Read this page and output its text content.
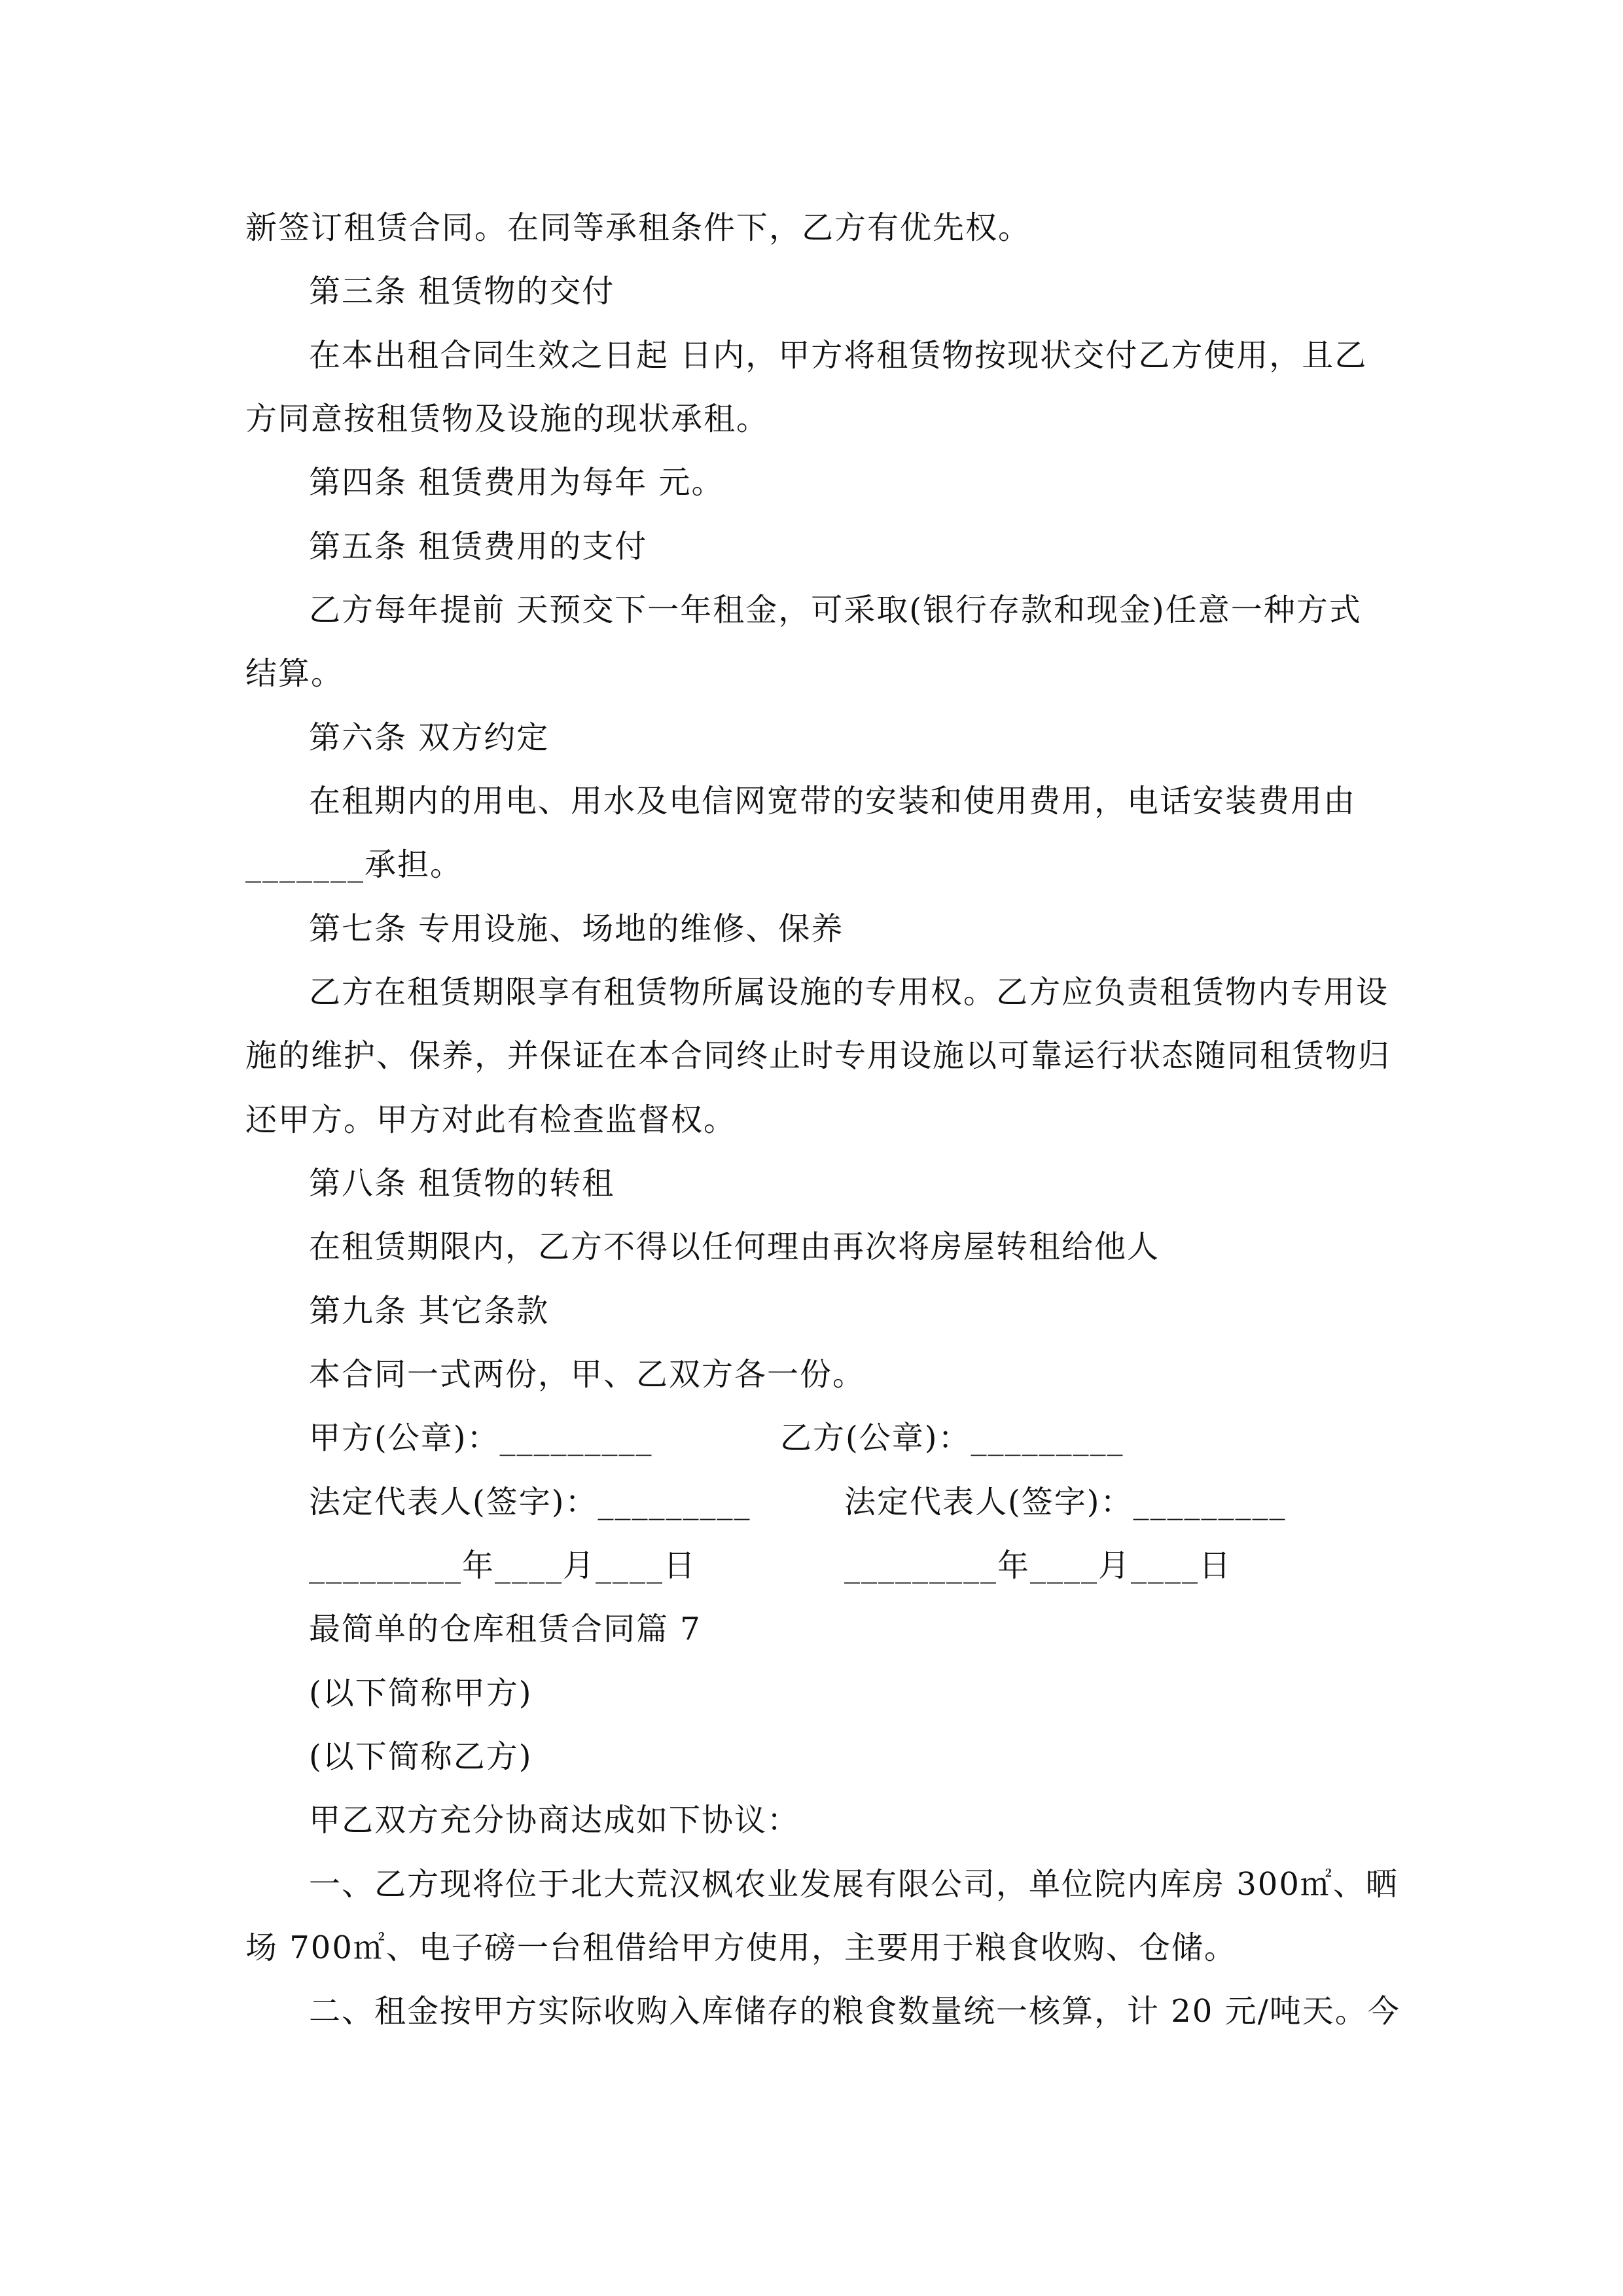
新签订租赁合同。在同等承租条件下，乙方有优先权。
第三条 租赁物的交付
在本出租合同生效之日起 日内，甲方将租赁物按现状交付乙方使用，且乙
方同意按租赁物及设施的现状承租。
第四条 租赁费用为每年 元。
第五条 租赁费用的支付
乙方每年提前 天预交下一年租金，可采取(银行存款和现金)任意一种方式
结算。
第六条 双方约定
在租期内的用电、用水及电信网宽带的安装和使用费用，电话安装费用由
_______承担。
第七条 专用设施、场地的维修、保养
乙方在租赁期限享有租赁物所属设施的专用权。乙方应负责租赁物内专用设
施的维护、保养，并保证在本合同终止时专用设施以可靠运行状态随同租赁物归
还甲方。甲方对此有检查监督权。
第八条 租赁物的转租
在租赁期限内，乙方不得以任何理由再次将房屋转租给他人
第九条 其它条款
本合同一式两份，甲、乙双方各一份。
甲方(公章)：_________	乙方(公章)：_________
法定代表人(签字)：_________	法定代表人(签字)：_________
_________年____月____日	_________年____月____日
最简单的仓库租赁合同篇 7
(以下简称甲方)
(以下简称乙方)
甲乙双方充分协商达成如下协议：
一、乙方现将位于北大荒汉枫农业发展有限公司，单位院内库房 300㎡、晒
场 700㎡、电子磅一台租借给甲方使用，主要用于粮食收购、仓储。
二、租金按甲方实际收购入库储存的粮食数量统一核算，计 20 元/吨天。今
